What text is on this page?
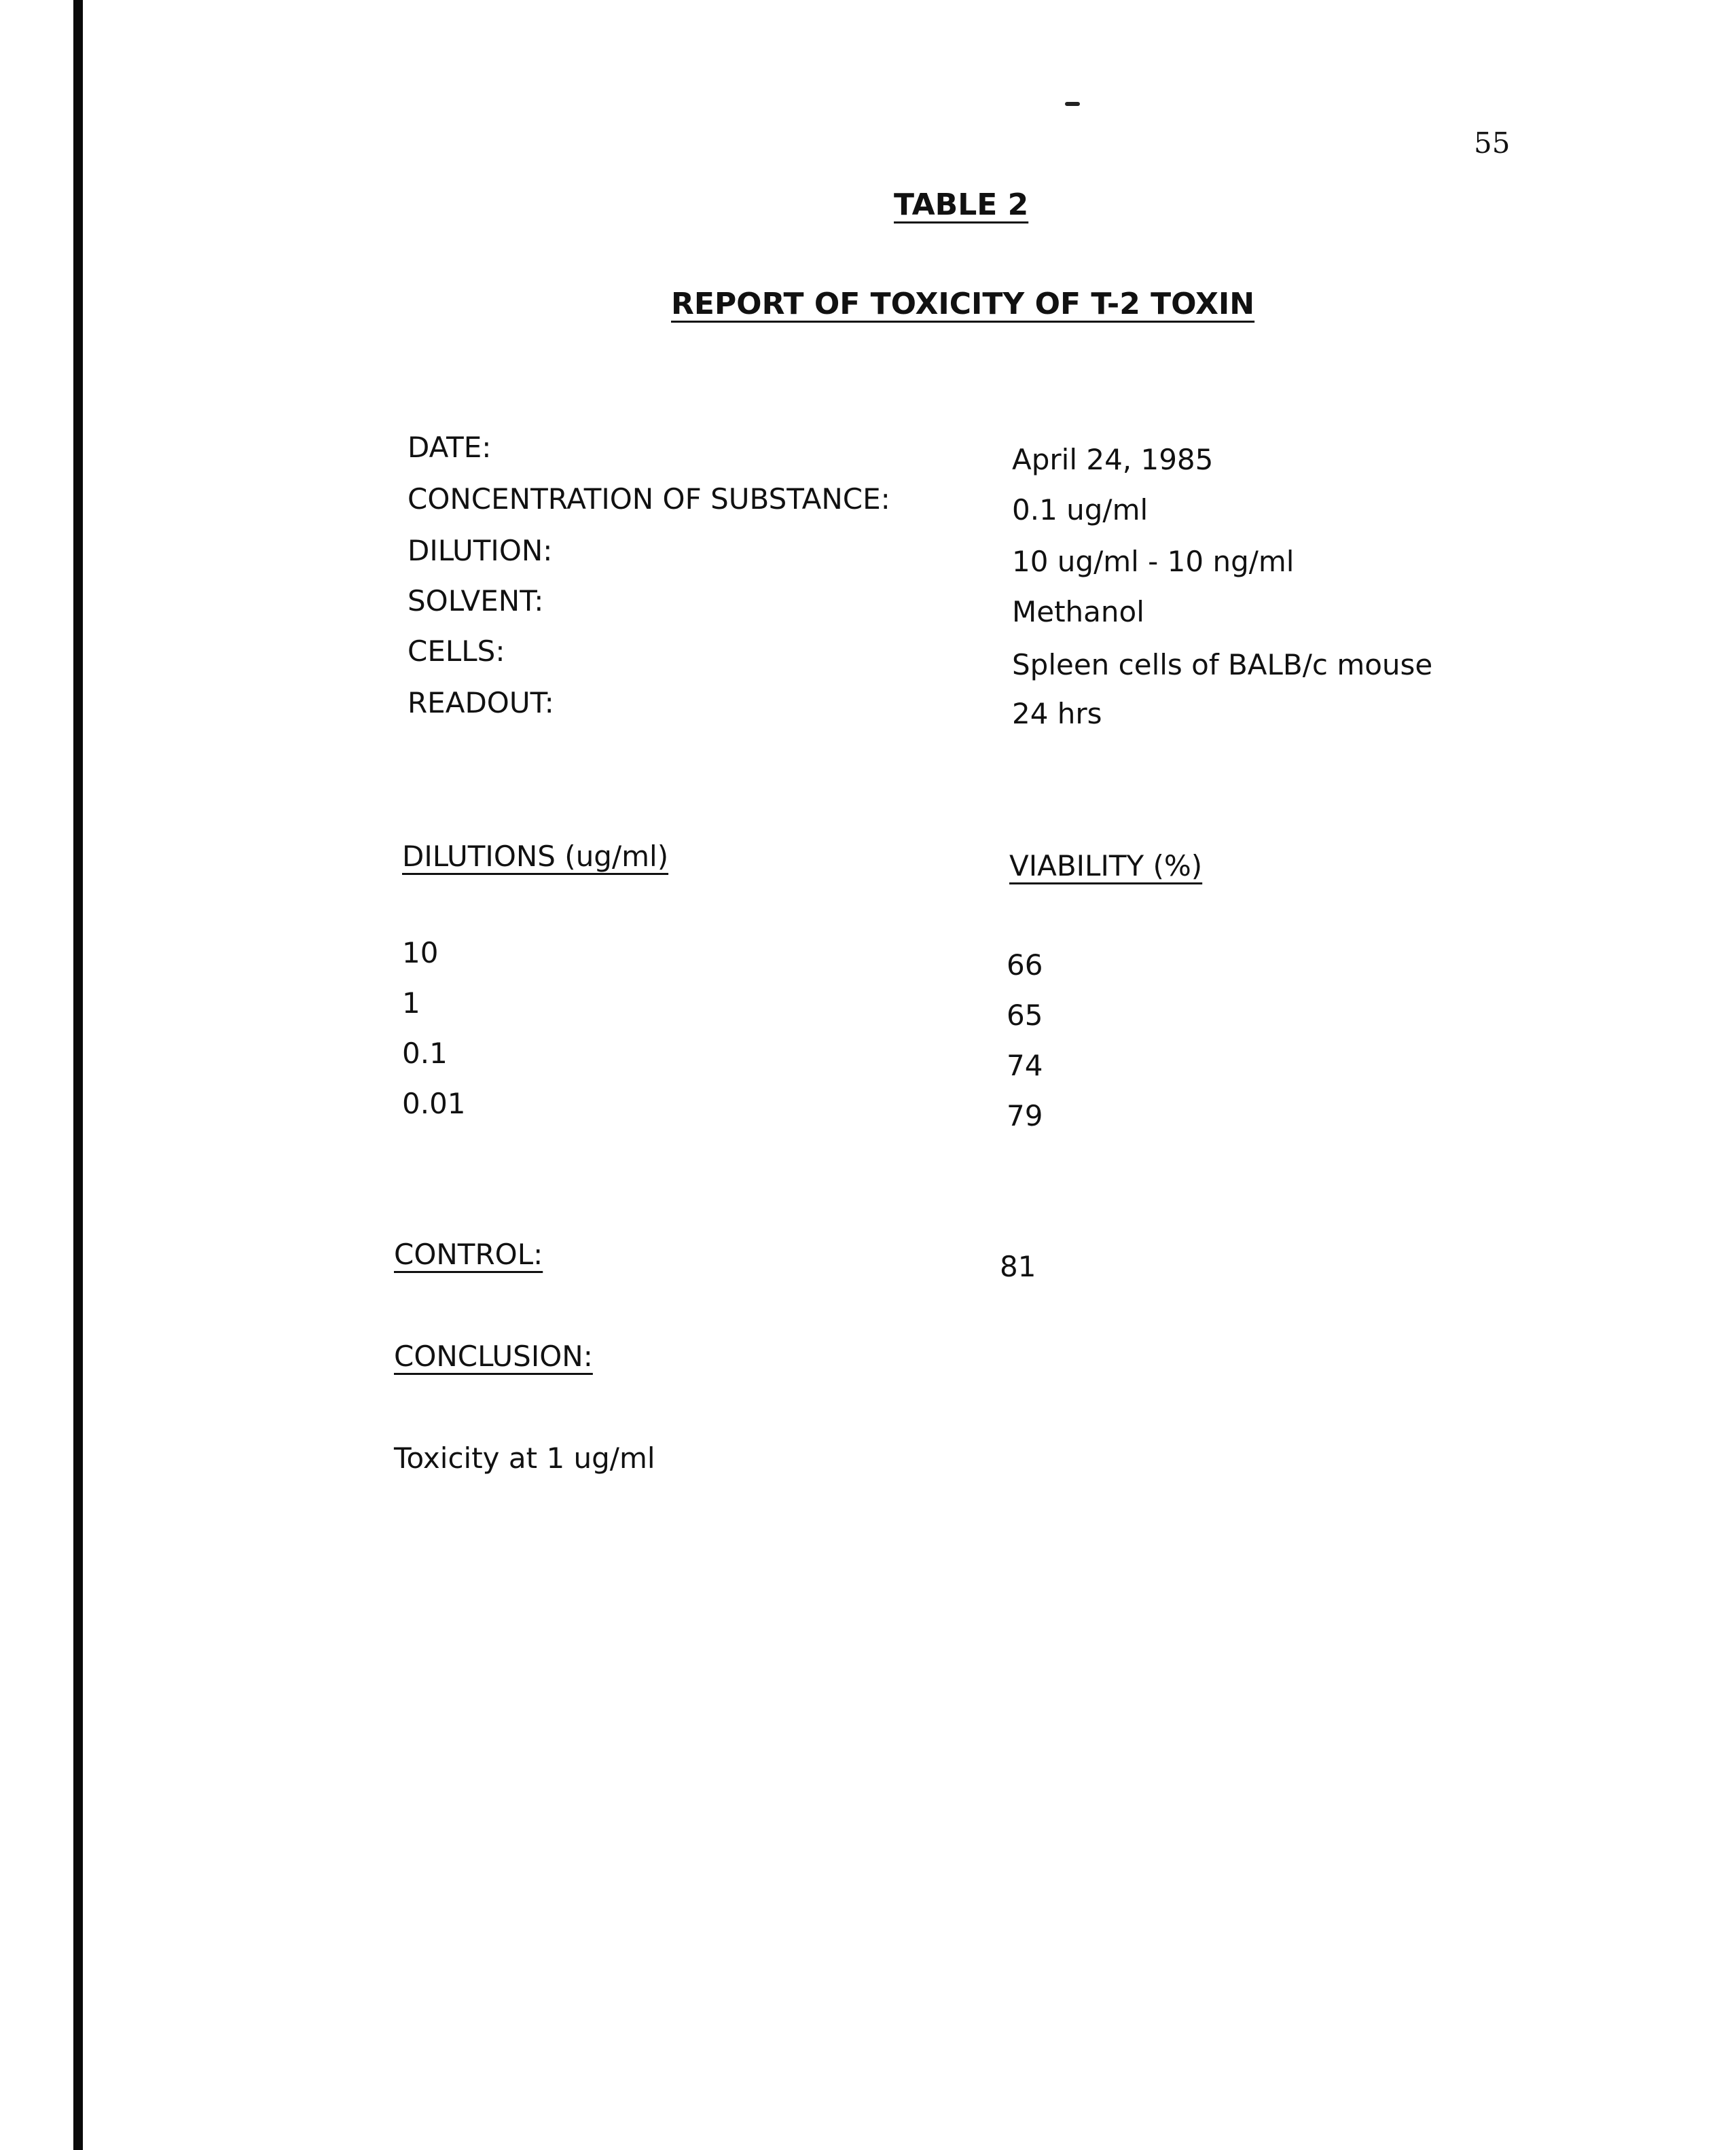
55
TABLE 2
REPORT OF TOXICITY OF T-2 TOXIN
DATE:	April 24, 1985
CONCENTRATION OF SUBSTANCE:	0.1 ug/ml
DILUTION:	10 ug/ml - 10 ng/ml
SOLVENT:	Methanol
CELLS:	Spleen cells of BALB/c mouse
READOUT:	24 hrs
DILUTIONS (ug/ml)	VIABILITY (%)
10	66
1	65
0.1	74
0.01	79
CONTROL:	81
CONCLUSION:
Toxicity at 1 ug/ml
